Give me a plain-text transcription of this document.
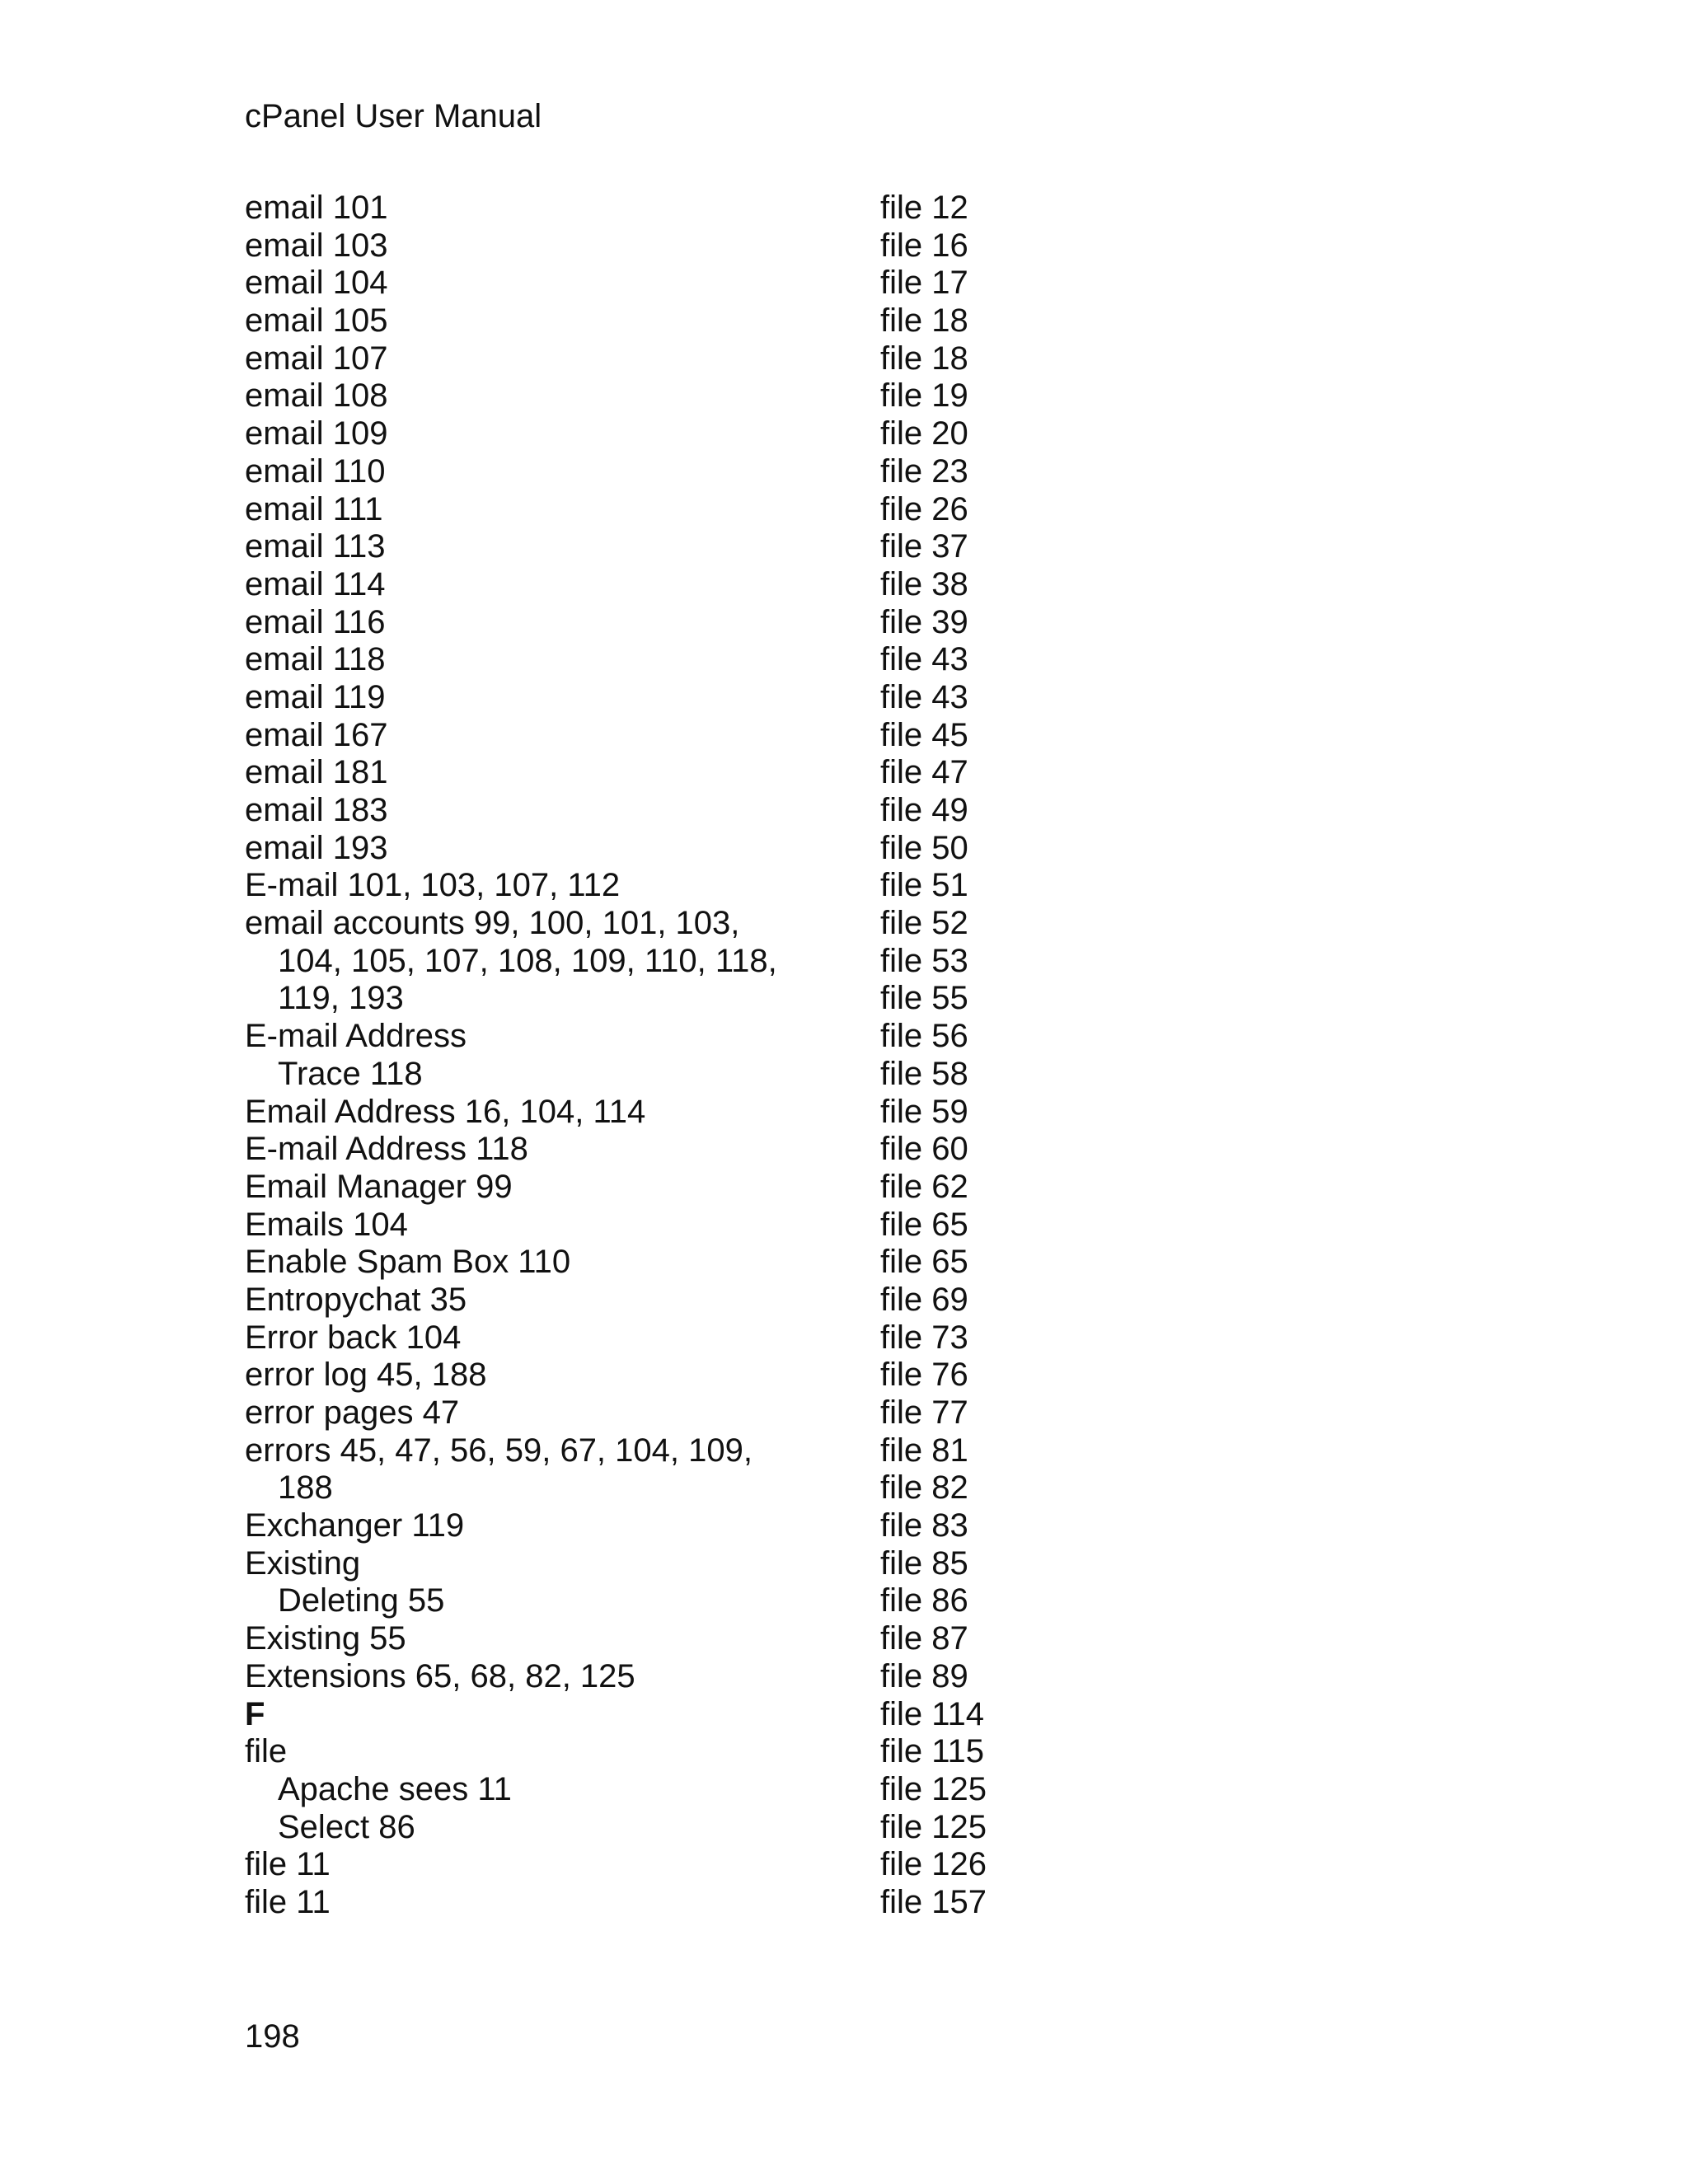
cPanel User Manual
email 101
email 103
email 104
email 105
email 107
email 108
email 109
email 110
email 111
email 113
email 114
email 116
email 118
email 119
email 167
email 181
email 183
email 193
E-mail 101, 103, 107, 112
email accounts 99, 100, 101, 103,
104, 105, 107, 108, 109, 110, 118,
119, 193
E-mail Address
Trace 118
Email Address 16, 104, 114
E-mail Address 118
Email Manager 99
Emails 104
Enable Spam Box 110
Entropychat 35
Error back 104
error log 45, 188
error pages 47
errors 45, 47, 56, 59, 67, 104, 109,
188
Exchanger 119
Existing
Deleting 55
Existing 55
Extensions 65, 68, 82, 125
F
file
Apache sees 11
Select 86
file 11
file 11
file 12
file 16
file 17
file 18
file 18
file 19
file 20
file 23
file 26
file 37
file 38
file 39
file 43
file 43
file 45
file 47
file 49
file 50
file 51
file 52
file 53
file 55
file 56
file 58
file 59
file 60
file 62
file 65
file 65
file 69
file 73
file 76
file 77
file 81
file 82
file 83
file 85
file 86
file 87
file 89
file 114
file 115
file 125
file 125
file 126
file 157
198
